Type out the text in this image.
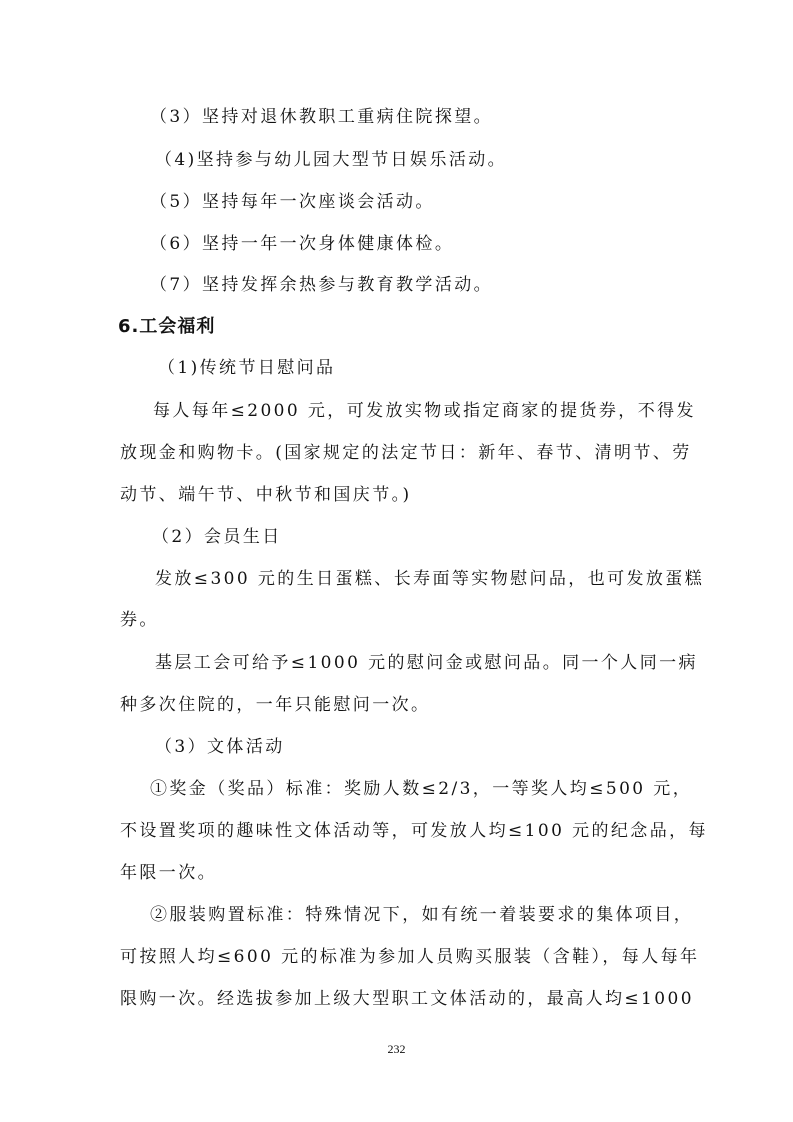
（3）坚持对退休教职工重病住院探望。
（4)坚持参与幼儿园大型节日娱乐活动。
（5）坚持每年一次座谈会活动。
（6）坚持一年一次身体健康体检。
（7）坚持发挥余热参与教育教学活动。
6.工会福利
（1)传统节日慰问品
每人每年≤2000 元，可发放实物或指定商家的提货券，不得发
放现金和购物卡。(国家规定的法定节日：新年、春节、清明节、劳
动节、端午节、中秋节和国庆节。)
（2）会员生日
发放≤300 元的生日蛋糕、长寿面等实物慰问品，也可发放蛋糕
券。
基层工会可给予≤1000 元的慰问金或慰问品。同一个人同一病
种多次住院的，一年只能慰问一次。
（3）文体活动
①奖金（奖品）标准：奖励人数≤2/3，一等奖人均≤500 元，
不设置奖项的趣味性文体活动等，可发放人均≤100 元的纪念品，每
年限一次。
②服装购置标准：特殊情况下，如有统一着装要求的集体项目，
可按照人均≤600 元的标准为参加人员购买服装（含鞋），每人每年
限购一次。经选拔参加上级大型职工文体活动的，最高人均≤1000
232
